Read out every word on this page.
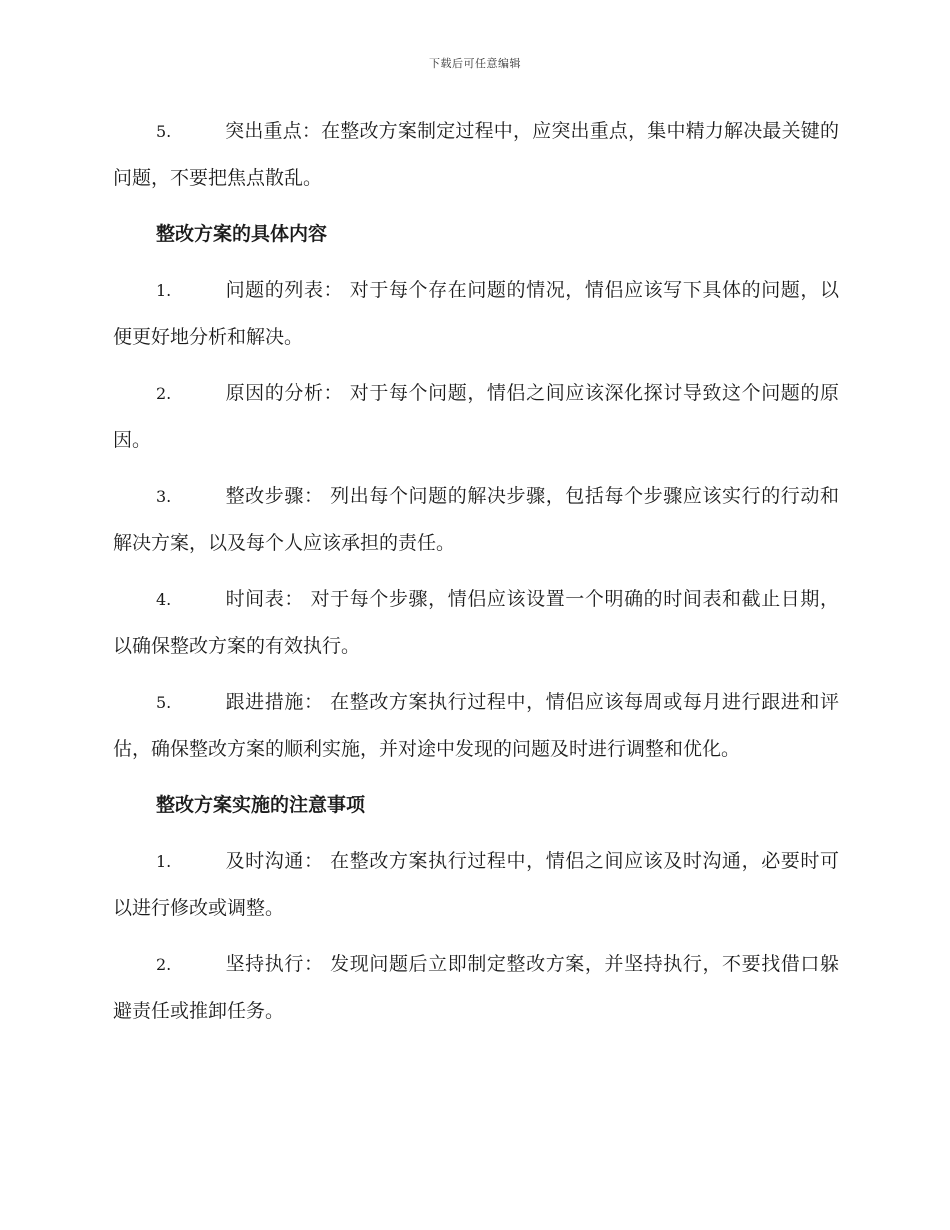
下载后可任意编辑

5.	突出重点：在整改方案制定过程中，应突出重点，集中精力解决最关键的问题，不要把焦点散乱。

整改方案的具体内容

1.	问题的列表： 对于每个存在问题的情况，情侣应该写下具体的问题，以便更好地分析和解决。

2.	原因的分析： 对于每个问题，情侣之间应该深化探讨导致这个问题的原因。

3.	整改步骤： 列出每个问题的解决步骤，包括每个步骤应该实行的行动和解决方案，以及每个人应该承担的责任。

4.	时间表： 对于每个步骤，情侣应该设置一个明确的时间表和截止日期，以确保整改方案的有效执行。

5.	跟进措施： 在整改方案执行过程中，情侣应该每周或每月进行跟进和评估，确保整改方案的顺利实施，并对途中发现的问题及时进行调整和优化。

整改方案实施的注意事项

1.	及时沟通： 在整改方案执行过程中，情侣之间应该及时沟通，必要时可以进行修改或调整。

2.	坚持执行： 发现问题后立即制定整改方案，并坚持执行，不要找借口躲避责任或推卸任务。
